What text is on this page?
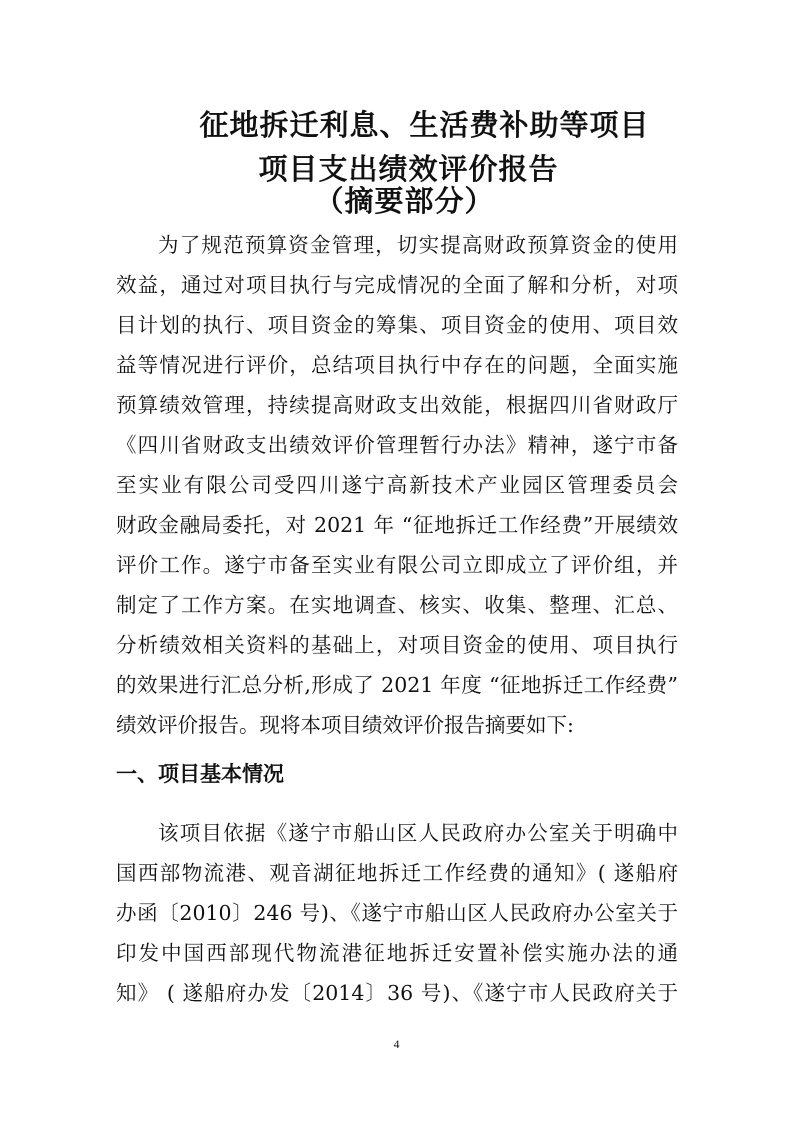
征地拆迁利息、生活费补助等项目
项目支出绩效评价报告
（摘要部分）
为了规范预算资金管理，切实提高财政预算资金的使用
效益，通过对项目执行与完成情况的全面了解和分析，对项
目计划的执行、项目资金的筹集、项目资金的使用、项目效
益等情况进行评价，总结项目执行中存在的问题，全面实施
预算绩效管理，持续提高财政支出效能，根据四川省财政厅
《四川省财政支出绩效评价管理暂行办法》精神，遂宁市备
至实业有限公司受四川遂宁高新技术产业园区管理委员会
财政金融局委托，对 2021 年 “征地拆迁工作经费”开展绩效
评价工作。遂宁市备至实业有限公司立即成立了评价组，并
制定了工作方案。在实地调查、核实、收集、整理、汇总、
分析绩效相关资料的基础上，对项目资金的使用、项目执行
的效果进行汇总分析,形成了 2021 年度 “征地拆迁工作经费”
绩效评价报告。现将本项目绩效评价报告摘要如下:
一、项目基本情况
该项目依据《遂宁市船山区人民政府办公室关于明确中
国西部物流港、观音湖征地拆迁工作经费的通知》( 遂船府
办函〔2010〕246 号)、《遂宁市船山区人民政府办公室关于
印发中国西部现代物流港征地拆迁安置补偿实施办法的通
知》 ( 遂船府办发〔2014〕36 号)、《遂宁市人民政府关于
4
